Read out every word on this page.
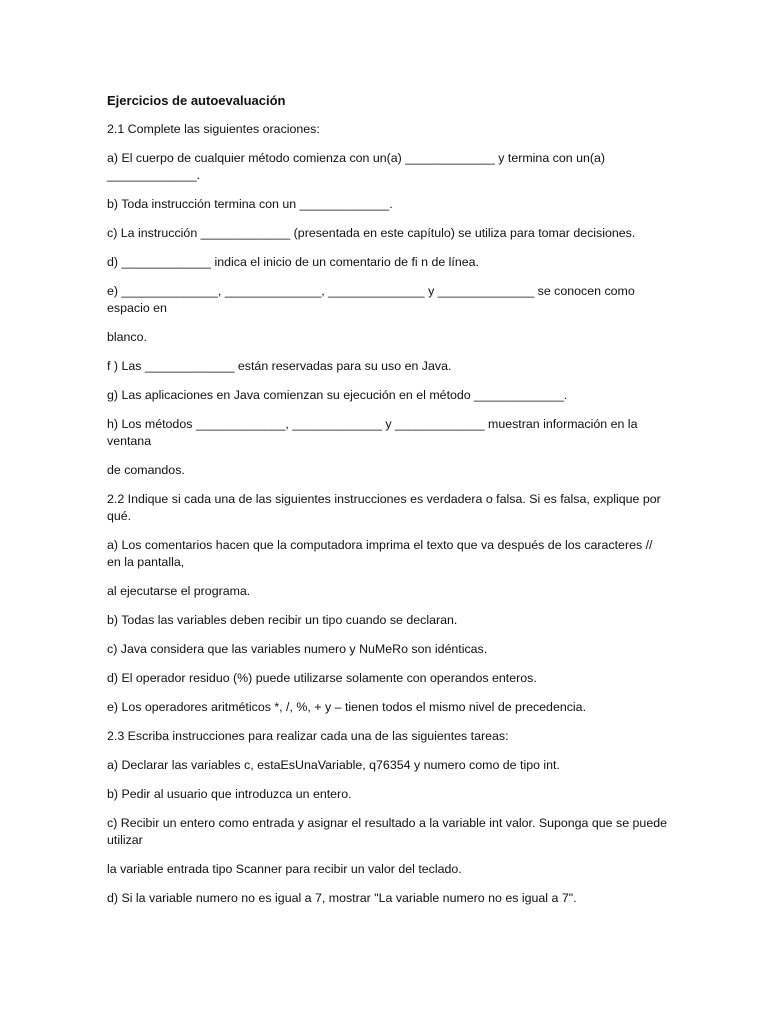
Ejercicios de autoevaluación
2.1 Complete las siguientes oraciones:
a) El cuerpo de cualquier método comienza con un(a) _____________ y termina con un(a) _____________.
b) Toda instrucción termina con un _____________.
c) La instrucción _____________ (presentada en este capítulo) se utiliza para tomar decisiones.
d) _____________ indica el inicio de un comentario de fi n de línea.
e) ______________, ______________, ______________ y ______________ se conocen como espacio en
blanco.
f ) Las _____________ están reservadas para su uso en Java.
g) Las aplicaciones en Java comienzan su ejecución en el método _____________.
h) Los métodos _____________, _____________ y _____________ muestran información en la ventana
de comandos.
2.2 Indique si cada una de las siguientes instrucciones es verdadera o falsa. Si es falsa, explique por qué.
a) Los comentarios hacen que la computadora imprima el texto que va después de los caracteres // en la pantalla,
al ejecutarse el programa.
b) Todas las variables deben recibir un tipo cuando se declaran.
c) Java considera que las variables numero y NuMeRo son idénticas.
d) El operador residuo (%) puede utilizarse solamente con operandos enteros.
e) Los operadores aritméticos *, /, %, + y – tienen todos el mismo nivel de precedencia.
2.3 Escriba instrucciones para realizar cada una de las siguientes tareas:
a) Declarar las variables c, estaEsUnaVariable, q76354 y numero como de tipo int.
b) Pedir al usuario que introduzca un entero.
c) Recibir un entero como entrada y asignar el resultado a la variable int valor. Suponga que se puede utilizar
la variable entrada tipo Scanner para recibir un valor del teclado.
d) Si la variable numero no es igual a 7, mostrar "La variable numero no es igual a 7".
